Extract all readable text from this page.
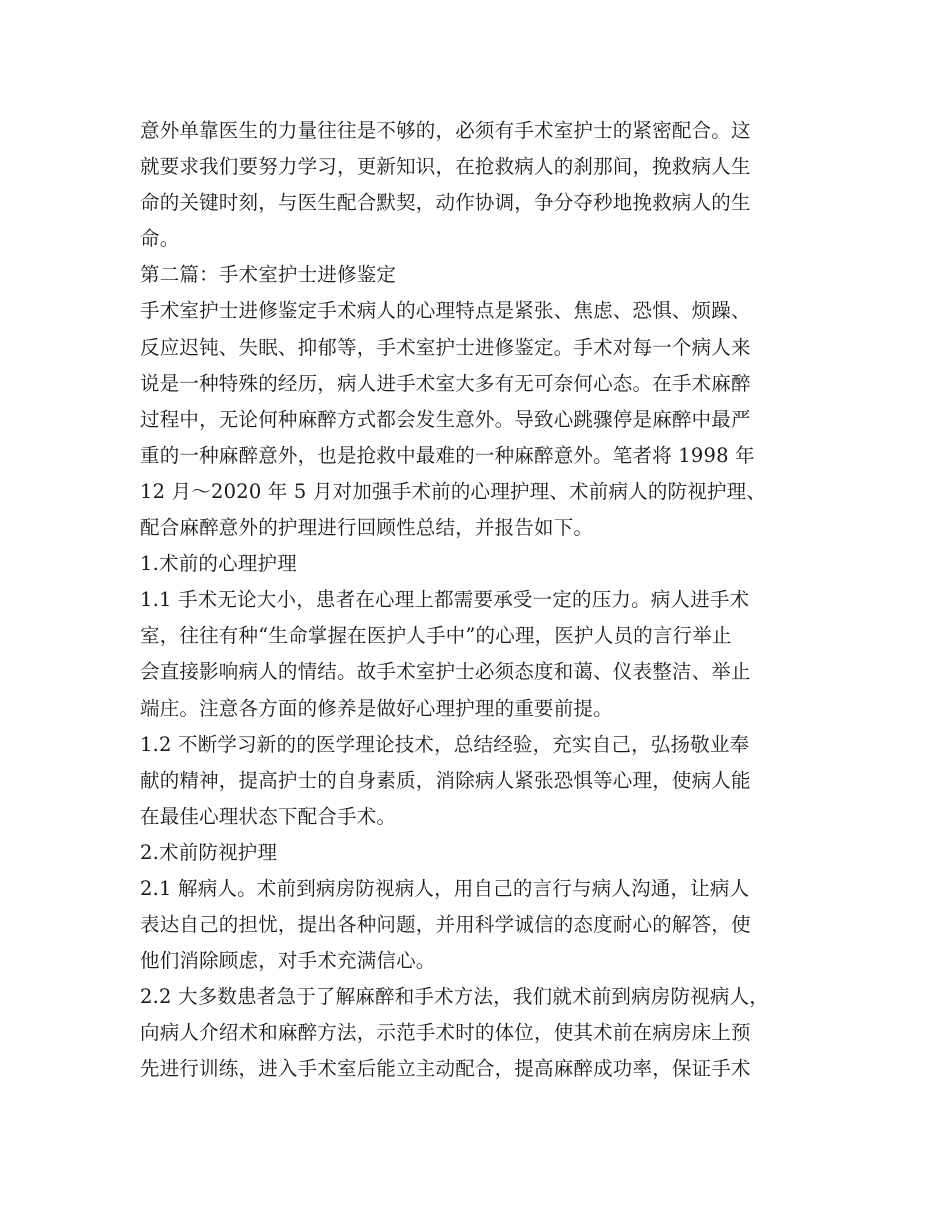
意外单靠医生的力量往往是不够的，必须有手术室护士的紧密配合。这
就要求我们要努力学习，更新知识，在抢救病人的刹那间，挽救病人生
命的关键时刻，与医生配合默契，动作协调，争分夺秒地挽救病人的生
命。
第二篇：手术室护士进修鉴定
手术室护士进修鉴定手术病人的心理特点是紧张、焦虑、恐惧、烦躁、
反应迟钝、失眠、抑郁等，手术室护士进修鉴定。手术对每一个病人来
说是一种特殊的经历，病人进手术室大多有无可奈何心态。在手术麻醉
过程中，无论何种麻醉方式都会发生意外。导致心跳骤停是麻醉中最严
重的一种麻醉意外，也是抢救中最难的一种麻醉意外。笔者将 1998 年
12 月～2020 年 5 月对加强手术前的心理护理、术前病人的防视护理、
配合麻醉意外的护理进行回顾性总结，并报告如下。
1.术前的心理护理
1.1 手术无论大小，患者在心理上都需要承受一定的压力。病人进手术
室，往往有种“生命掌握在医护人手中”的心理，医护人员的言行举止
会直接影响病人的情结。故手术室护士必须态度和蔼、仪表整洁、举止
端庄。注意各方面的修养是做好心理护理的重要前提。
1.2 不断学习新的的医学理论技术，总结经验，充实自己，弘扬敬业奉
献的精神，提高护士的自身素质，消除病人紧张恐惧等心理，使病人能
在最佳心理状态下配合手术。
2.术前防视护理
2.1 解病人。术前到病房防视病人，用自己的言行与病人沟通，让病人
表达自己的担忧，提出各种问题，并用科学诚信的态度耐心的解答，使
他们消除顾虑，对手术充满信心。
2.2 大多数患者急于了解麻醉和手术方法，我们就术前到病房防视病人，
向病人介绍术和麻醉方法，示范手术时的体位，使其术前在病房床上预
先进行训练，进入手术室后能立主动配合，提高麻醉成功率，保证手术
